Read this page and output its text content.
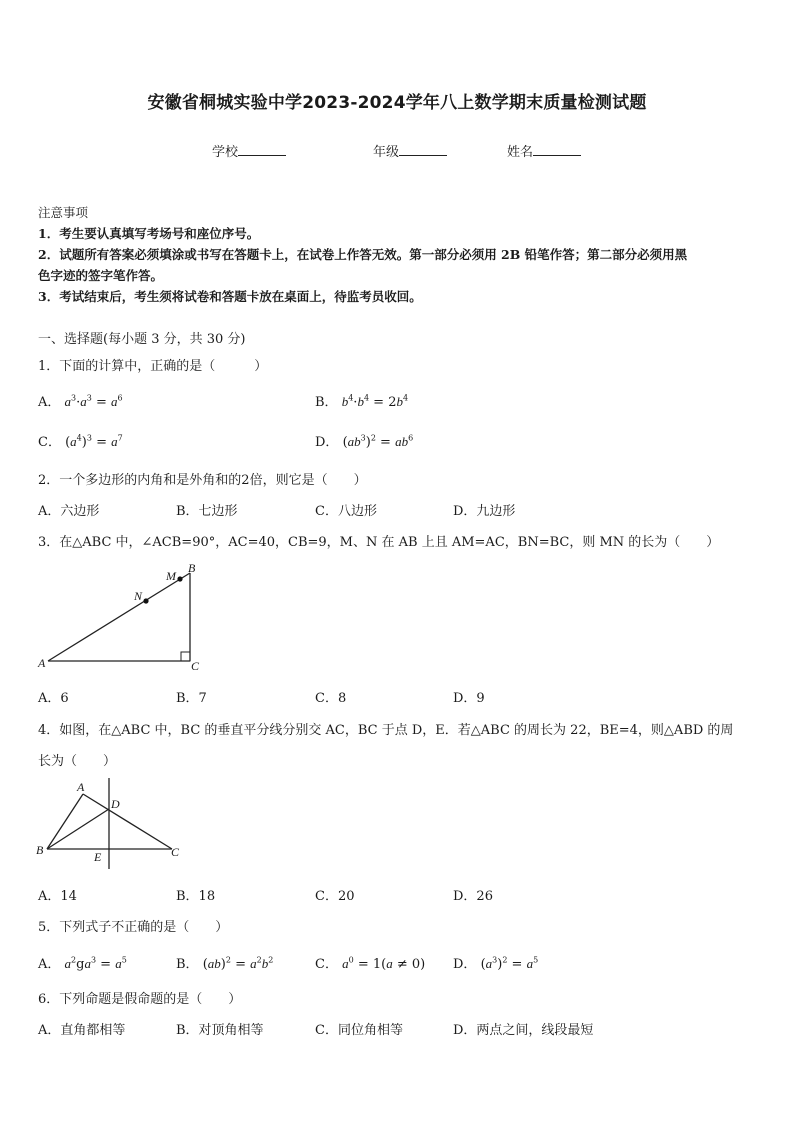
安徽省桐城实验中学2023-2024学年八上数学期末质量检测试题
学校	年级	姓名
注意事项
1．考生要认真填写考场号和座位序号。
2．试题所有答案必须填涂或书写在答题卡上，在试卷上作答无效。第一部分必须用 2B 铅笔作答；第二部分必须用黑
色字迹的签字笔作答。
3．考试结束后，考生须将试卷和答题卡放在桌面上，待监考员收回。
一、选择题(每小题 3 分，共 30 分)
1．下面的计算中，正确的是（　　　）
A． $a^3\cdot a^3 = a^6$	B． $b^4\cdot b^4 = 2b^4$
C． $(a^4)^3 = a^7$	D． $(ab^3)^2 = ab^6$
2．一个多边形的内角和是外角和的2倍，则它是（　　）
A．六边形	B．七边形	C．八边形	D．九边形
3．在△ABC 中，∠ACB=90°，AC=40，CB=9，M、N 在 AB 上且 AM=AC，BN=BC，则 MN 的长为（　　）
A
B
C
M
N
A．6	B．7	C．8	D．9
4．如图，在△ABC 中，BC 的垂直平分线分别交 AC，BC 于点 D，E．若△ABC 的周长为 22，BE=4，则△ABD 的周
长为（　　）
A
B	C
D
E
A．14	B．18	C．20	D．26
5．下列式子不正确的是（　　）
A． $a^2ga^3 = a^5$	B． $(ab)^2 = a^2b^2$	C． $a^0 = 1(a \ne 0)$ D． $(a^3)^2 = a^5$
6．下列命题是假命题的是（　　）
A．直角都相等	B．对顶角相等	C．同位角相等	D．两点之间，线段最短
